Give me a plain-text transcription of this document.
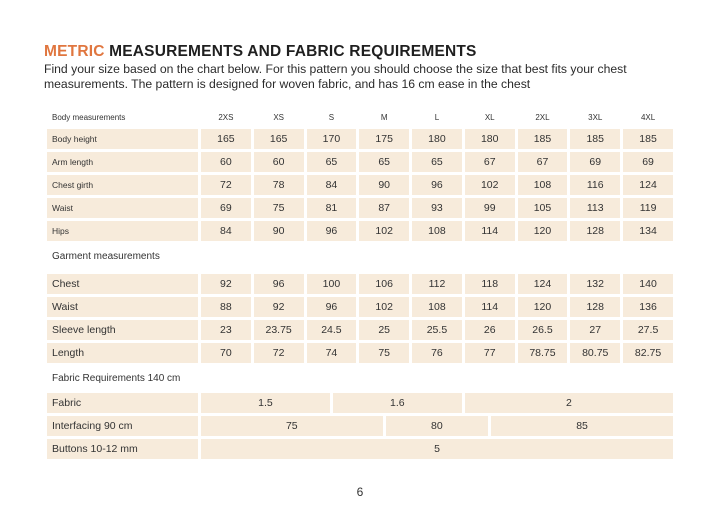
METRIC MEASUREMENTS AND FABRIC REQUIREMENTS

Find your size based on the chart below. For this pattern you should choose the size that best fits your chest measurements. The pattern is designed for woven fabric, and has 16 cm ease in the chest

Body measurements	2XS	XS	S	M	L	XL	2XL	3XL	4XL
Body height	165	165	170	175	180	180	185	185	185
Arm length	60	60	65	65	65	67	67	69	69
Chest girth	72	78	84	90	96	102	108	116	124
Waist	69	75	81	87	93	99	105	113	119
Hips	84	90	96	102	108	114	120	128	134
Garment measurements									
Chest	92	96	100	106	112	118	124	132	140
Waist	88	92	96	102	108	114	120	128	136
Sleeve length	23	23.75	24.5	25	25.5	26	26.5	27	27.5
Length	70	72	74	75	76	77	78.75	80.75	82.75
Fabric Requirements 140 cm									
Fabric	1.5	1.6		2	
Interfacing 90 cm	75		80		85
Buttons 10-12 mm	5				
6
